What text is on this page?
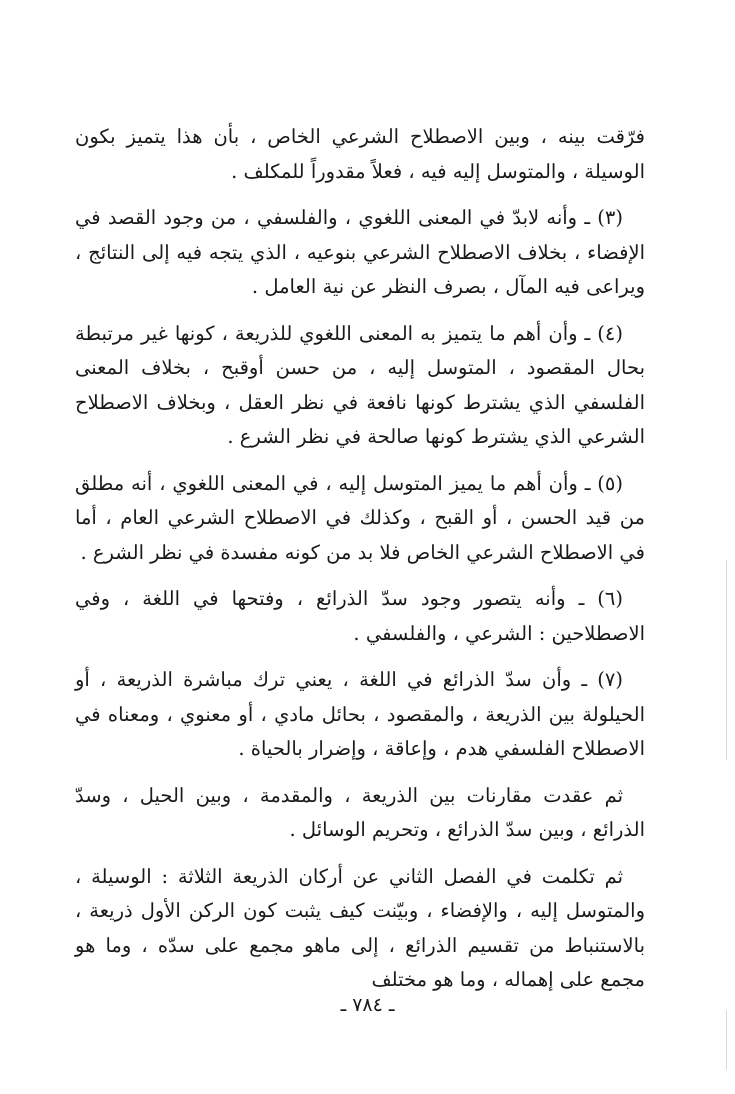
فرّقت بينه ، وبين الاصطلاح الشرعي الخاص ، بأن هذا يتميز بكون الوسيلة ، والمتوسل إليه فيه ، فعلاً مقدوراً للمكلف .

(٣) ـ وأنه لابدّ في المعنى اللغوي ، والفلسفي ، من وجود القصد في الإفضاء ، بخلاف الاصطلاح الشرعي بنوعيه ، الذي يتجه فيه إلى النتائج ، ويراعى فيه المآل ، بصرف النظر عن نية العامل .

(٤) ـ وأن أهم ما يتميز به المعنى اللغوي للذريعة ، كونها غير مرتبطة بحال المقصود ، المتوسل إليه ، من حسن أوقبح ، بخلاف المعنى الفلسفي الذي يشترط كونها نافعة في نظر العقل ، وبخلاف الاصطلاح الشرعي الذي يشترط كونها صالحة في نظر الشرع .

(٥) ـ وأن أهم ما يميز المتوسل إليه ، في المعنى اللغوي ، أنه مطلق من قيد الحسن ، أو القبح ، وكذلك في الاصطلاح الشرعي العام ، أما في الاصطلاح الشرعي الخاص فلا بد من كونه مفسدة في نظر الشرع .

(٦) ـ وأنه يتصور وجود سدّ الذرائع ، وفتحها في اللغة ، وفي الاصطلاحين : الشرعي ، والفلسفي .

(٧) ـ وأن سدّ الذرائع في اللغة ، يعني ترك مباشرة الذريعة ، أو الحيلولة بين الذريعة ، والمقصود ، بحائل مادي ، أو معنوي ، ومعناه في الاصطلاح الفلسفي هدم ، وإعاقة ، وإضرار بالحياة .

ثم عقدت مقارنات بين الذريعة ، والمقدمة ، وبين الحيل ، وسدّ الذرائع ، وبين سدّ الذرائع ، وتحريم الوسائل .

ثم تكلمت في الفصل الثاني عن أركان الذريعة الثلاثة : الوسيلة ، والمتوسل إليه ، والإفضاء ، وبيّنت كيف يثبت كون الركن الأول ذريعة ، بالاستنباط من تقسيم الذرائع ، إلى ماهو مجمع على سدّه ، وما هو مجمع على إهماله ، وما هو مختلف

ـ ٧٨٤ ـ
